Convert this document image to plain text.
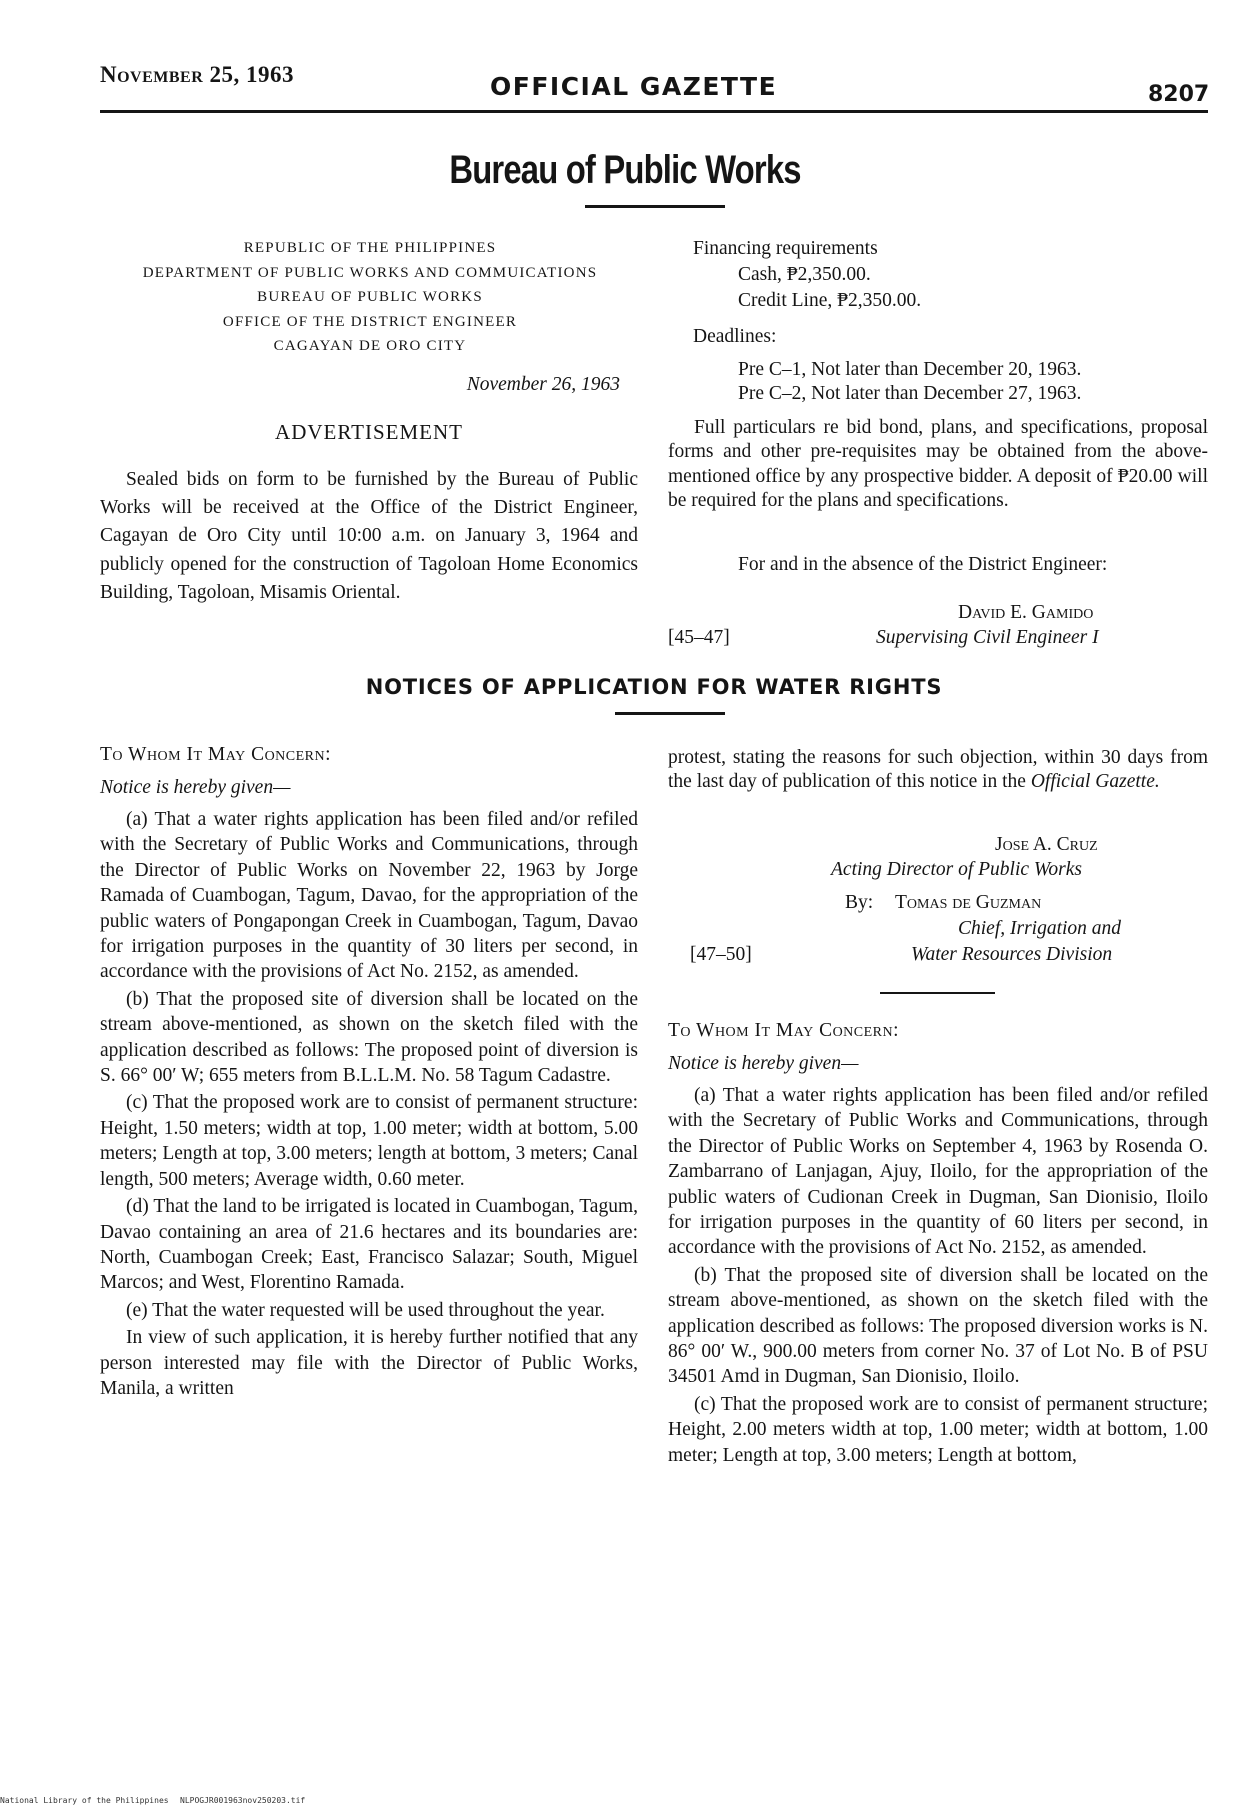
November 25, 1963	OFFICIAL GAZETTE	8207
Bureau of Public Works
REPUBLIC OF THE PHILIPPINES
DEPARTMENT OF PUBLIC WORKS AND COMMUICATIONS
BUREAU OF PUBLIC WORKS
OFFICE OF THE DISTRICT ENGINEER
CAGAYAN DE ORO CITY
November 26, 1963
ADVERTISEMENT

Sealed bids on form to be furnished by the Bureau of Public Works will be received at the Office of the District Engineer, Cagayan de Oro City until 10:00 a.m. on January 3, 1964 and publicly opened for the construction of Tagoloan Home Economics Building, Tagoloan, Misamis Oriental.

Financing requirements
Cash, ₱2,350.00.
Credit Line, ₱2,350.00.
Deadlines:
Pre C–1, Not later than December 20, 1963.
Pre C–2, Not later than December 27, 1963.

Full particulars re bid bond, plans, and specifications, proposal forms and other pre-requisites may be obtained from the above-mentioned office by any prospective bidder. A deposit of ₱20.00 will be required for the plans and specifications.

For and in the absence of the District Engineer:

David E. Gamido
[45–47]	Supervising Civil Engineer I
NOTICES OF APPLICATION FOR WATER RIGHTS
To Whom It May Concern:
Notice is hereby given—

(a) That a water rights application has been filed and/or refiled with the Secretary of Public Works and Communications, through the Director of Public Works on November 22, 1963 by Jorge Ramada of Cuambogan, Tagum, Davao, for the appropriation of the public waters of Pongapongan Creek in Cuambogan, Tagum, Davao for irrigation purposes in the quantity of 30 liters per second, in accordance with the provisions of Act No. 2152, as amended.

(b) That the proposed site of diversion shall be located on the stream above-mentioned, as shown on the sketch filed with the application described as follows: The proposed point of diversion is S. 66° 00′ W; 655 meters from B.L.L.M. No. 58 Tagum Cadastre.

(c) That the proposed work are to consist of permanent structure: Height, 1.50 meters; width at top, 1.00 meter; width at bottom, 5.00 meters; Length at top, 3.00 meters; length at bottom, 3 meters; Canal length, 500 meters; Average width, 0.60 meter.

(d) That the land to be irrigated is located in Cuambogan, Tagum, Davao containing an area of 21.6 hectares and its boundaries are: North, Cuambogan Creek; East, Francisco Salazar; South, Miguel Marcos; and West, Florentino Ramada.

(e) That the water requested will be used throughout the year.

In view of such application, it is hereby further notified that any person interested may file with the Director of Public Works, Manila, a written

protest, stating the reasons for such objection, within 30 days from the last day of publication of this notice in the Official Gazette.

Jose A. Cruz
Acting Director of Public Works
By: Tomas de Guzman
Chief, Irrigation and
[47–50]	Water Resources Division
To Whom It May Concern:
Notice is hereby given—

(a) That a water rights application has been filed and/or refiled with the Secretary of Public Works and Communications, through the Director of Public Works on September 4, 1963 by Rosenda O. Zambarrano of Lanjagan, Ajuy, Iloilo, for the appropriation of the public waters of Cudionan Creek in Dugman, San Dionisio, Iloilo for irrigation purposes in the quantity of 60 liters per second, in accordance with the provisions of Act No. 2152, as amended.

(b) That the proposed site of diversion shall be located on the stream above-mentioned, as shown on the sketch filed with the application described as follows: The proposed diversion works is N. 86° 00′ W., 900.00 meters from corner No. 37 of Lot No. B of PSU 34501 Amd in Dugman, San Dionisio, Iloilo.

(c) That the proposed work are to consist of permanent structure; Height, 2.00 meters width at top, 1.00 meter; width at bottom, 1.00 meter; Length at top, 3.00 meters; Length at bottom,

National Library of the Philippines NLPOGJR001963nov250203.tif
